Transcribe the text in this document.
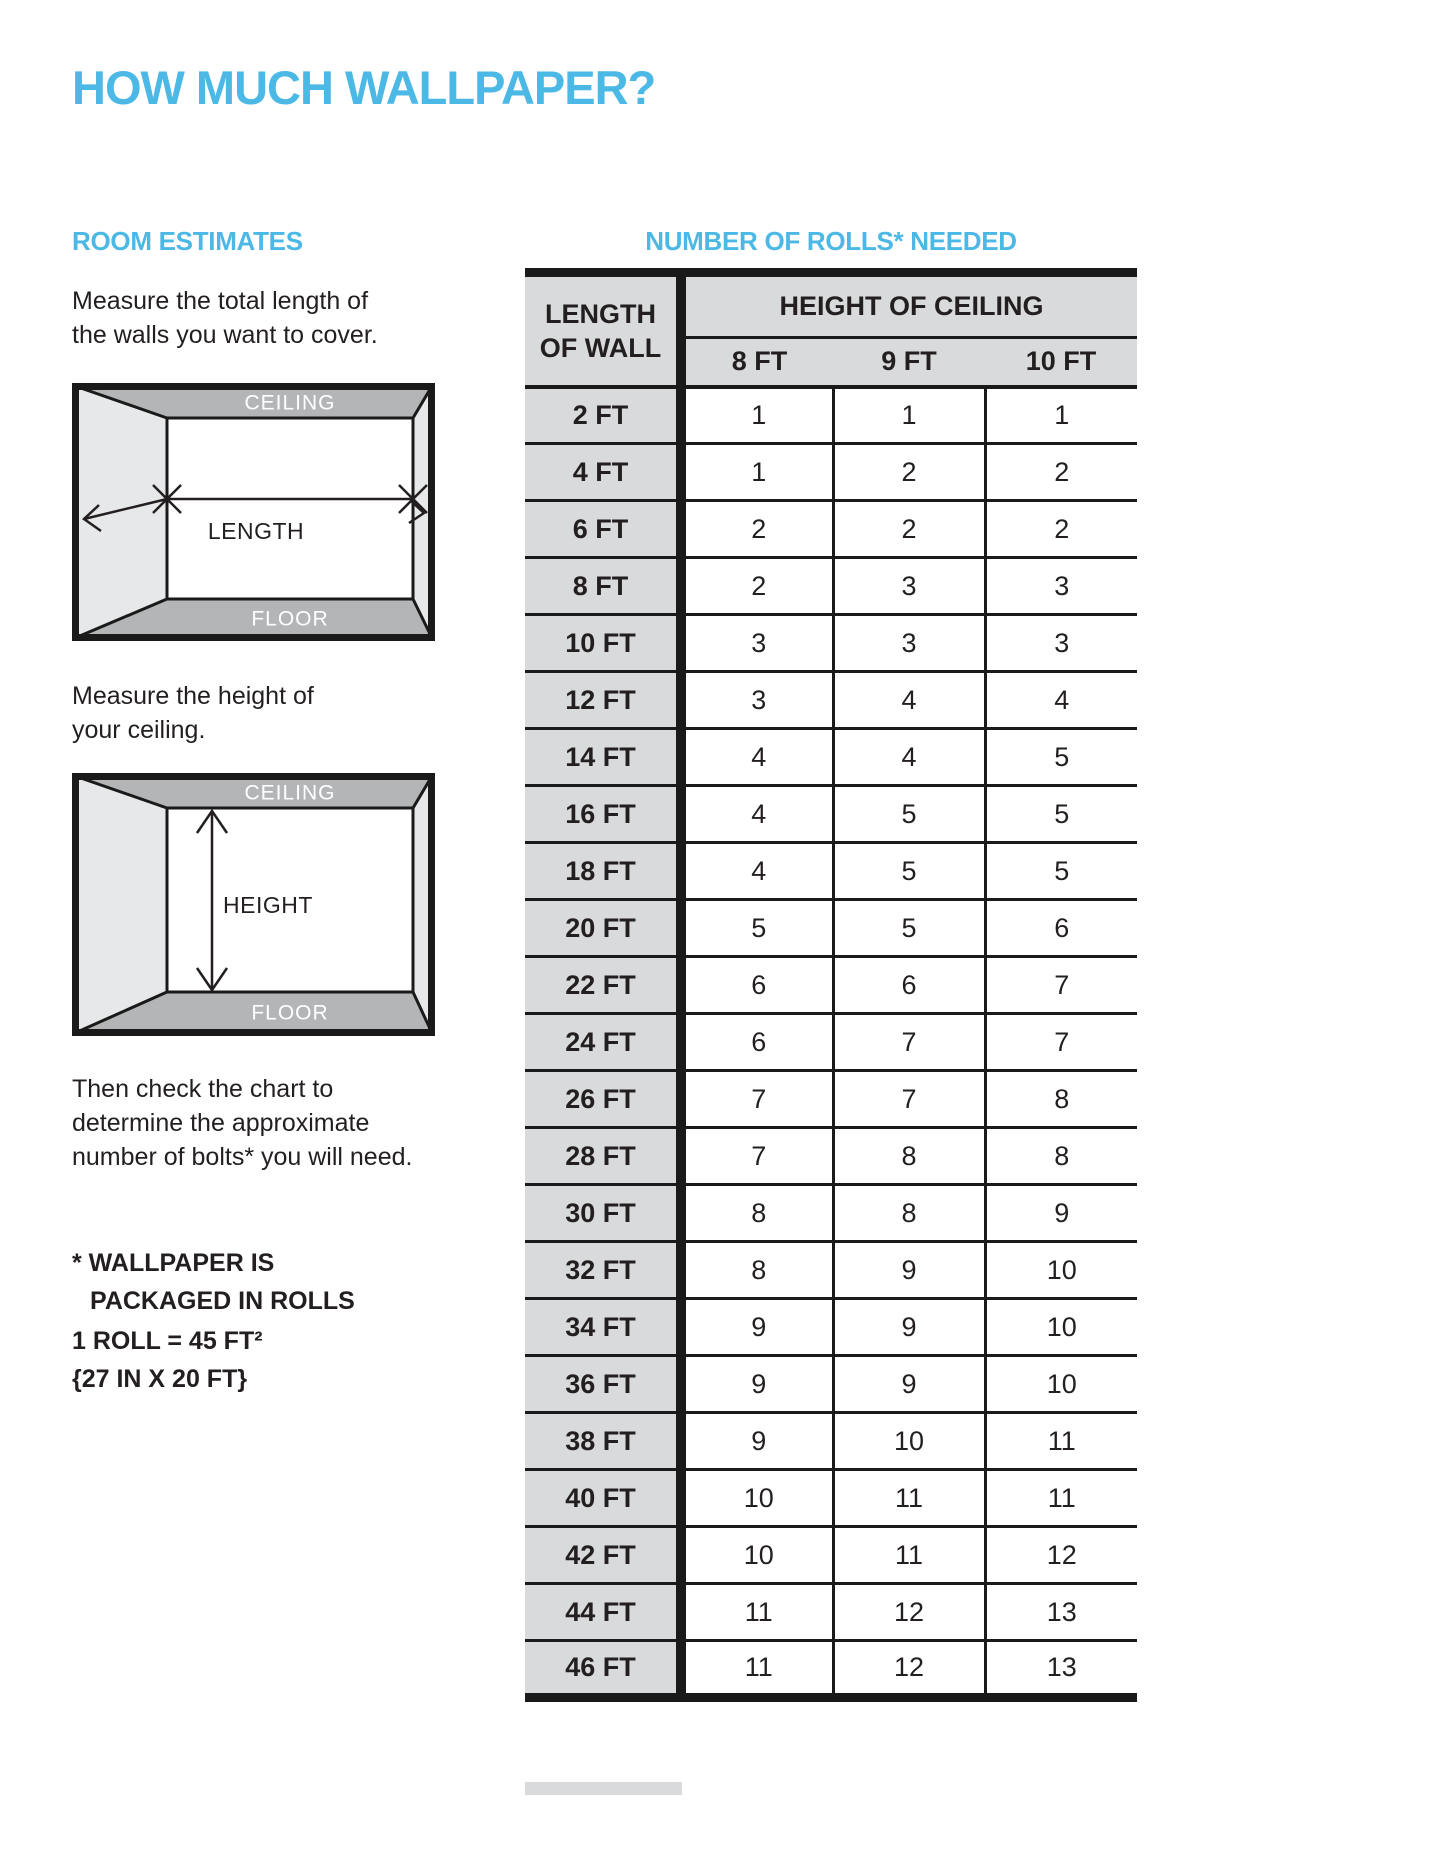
HOW MUCH WALLPAPER?
ROOM ESTIMATES	NUMBER OF ROLLS* NEEDED
Measure the total length of
the walls you want to cover.
CEILING
FLOOR
LENGTH
Measure the height of
your ceiling.
CEILING
FLOOR
HEIGHT
Then check the chart to
determine the approximate
number of bolts* you will need.
* WALLPAPER IS
PACKAGED IN ROLLS
1 ROLL = 45 FT²
{27 IN X 20 FT}
LENGTH
OF WALL	HEIGHT OF CEILING		
	8 FT	9 FT	10 FT
2 FT	1	1	1
4 FT	1	2	2
6 FT	2	2	2
8 FT	2	3	3
10 FT	3	3	3
12 FT	3	4	4
14 FT	4	4	5
16 FT	4	5	5
18 FT	4	5	5
20 FT	5	5	6
22 FT	6	6	7
24 FT	6	7	7
26 FT	7	7	8
28 FT	7	8	8
30 FT	8	8	9
32 FT	8	9	10
34 FT	9	9	10
36 FT	9	9	10
38 FT	9	10	11
40 FT	10	11	11
42 FT	10	11	12
44 FT	11	12	13
46 FT	11	12	13
